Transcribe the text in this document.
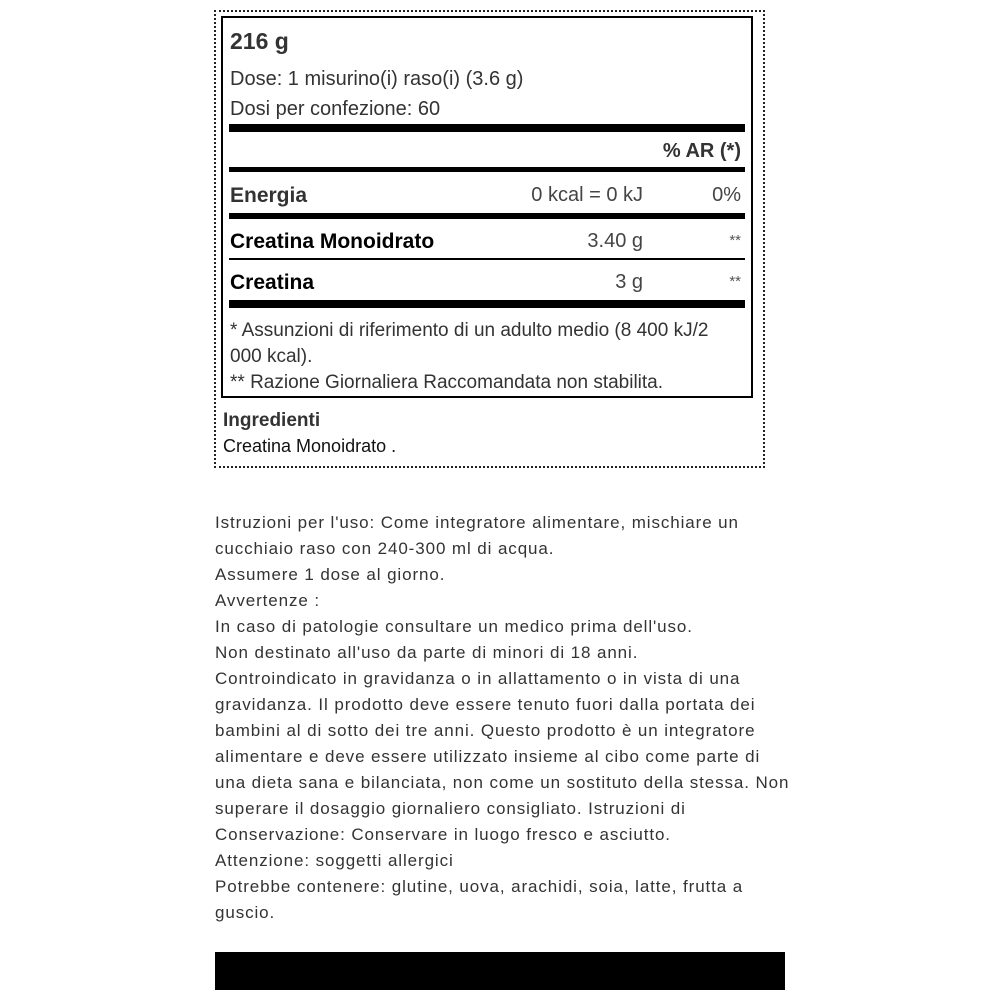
216 g
Dose: 1 misurino(i) raso(i) (3.6 g)
Dosi per confezione: 60
% AR (*)
Energia	0 kcal = 0 kJ	0%
Creatina Monoidrato	3.40 g	**
Creatina	3 g	**
* Assunzioni di riferimento di un adulto medio (8 400 kJ/2 000 kcal).
** Razione Giornaliera Raccomandata non stabilita.
Ingredienti
Creatina Monoidrato .

Istruzioni per l'uso: Come integratore alimentare, mischiare un cucchiaio raso con 240-300 ml di acqua.

Assumere 1 dose al giorno.

Avvertenze :

In caso di patologie consultare un medico prima dell'uso.

Non destinato all'uso da parte di minori di 18 anni.

Controindicato in gravidanza o in allattamento o in vista di una gravidanza. Il prodotto deve essere tenuto fuori dalla portata dei bambini al di sotto dei tre anni. Questo prodotto è un integratore alimentare e deve essere utilizzato insieme al cibo come parte di una dieta sana e bilanciata, non come un sostituto della stessa. Non superare il dosaggio giornaliero consigliato. Istruzioni di Conservazione: Conservare in luogo fresco e asciutto.

Attenzione: soggetti allergici

Potrebbe contenere: glutine, uova, arachidi, soia, latte, frutta a guscio.
